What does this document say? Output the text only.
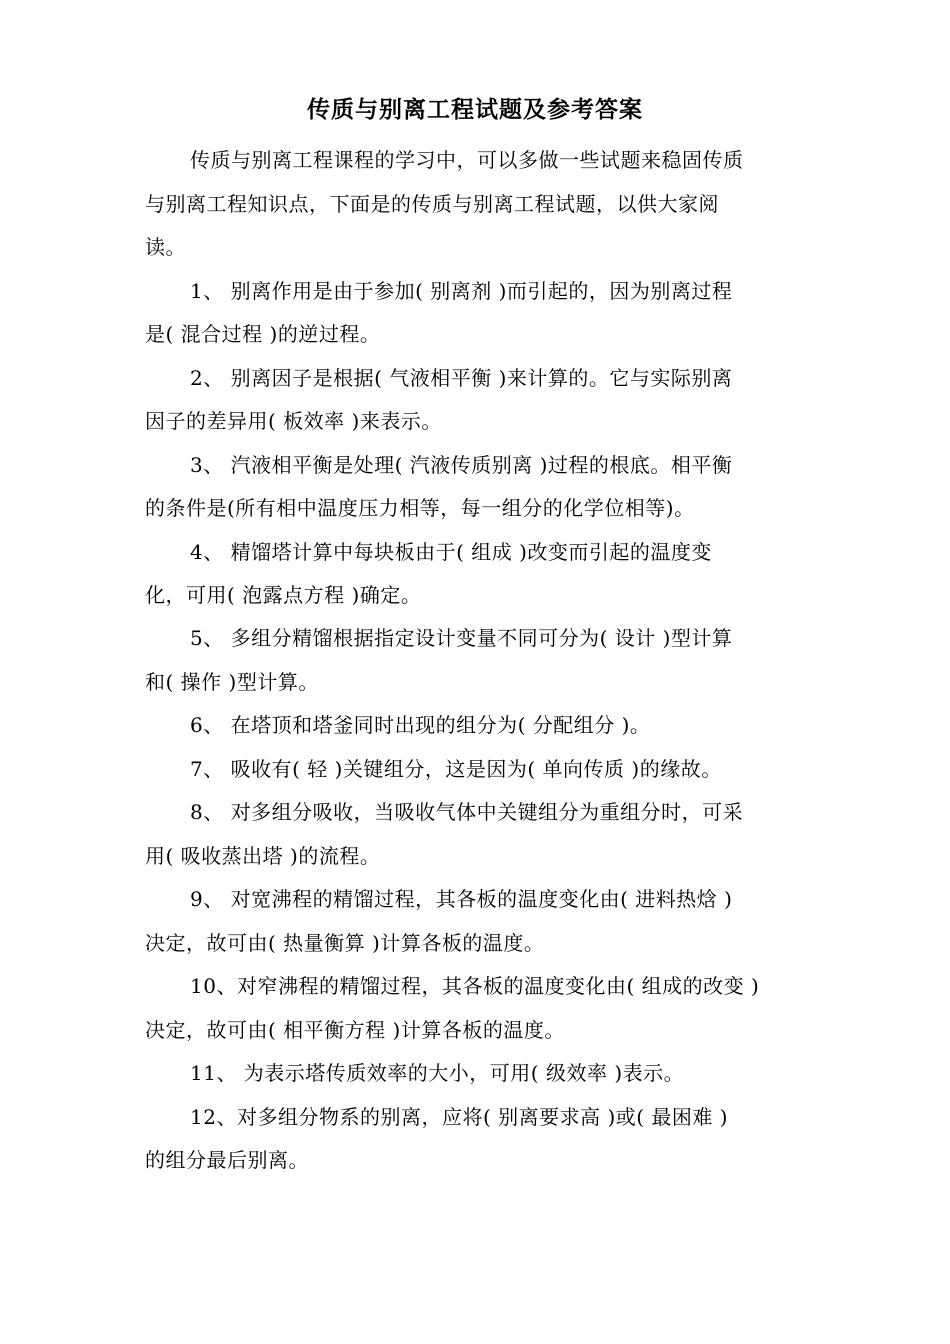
传质与别离工程试题及参考答案
传质与别离工程课程的学习中，可以多做一些试题来稳固传质
与别离工程知识点，下面是的传质与别离工程试题，以供大家阅
读。
1、 别离作用是由于参加( 别离剂 )而引起的，因为别离过程
是( 混合过程 )的逆过程。
2、 别离因子是根据( 气液相平衡 )来计算的。它与实际别离
因子的差异用( 板效率 )来表示。
3、 汽液相平衡是处理( 汽液传质别离 )过程的根底。相平衡
的条件是(所有相中温度压力相等，每一组分的化学位相等)。
4、 精馏塔计算中每块板由于( 组成 )改变而引起的温度变
化，可用( 泡露点方程 )确定。
5、 多组分精馏根据指定设计变量不同可分为( 设计 )型计算
和( 操作 )型计算。
6、 在塔顶和塔釜同时出现的组分为( 分配组分 )。
7、 吸收有( 轻 )关键组分，这是因为( 单向传质 )的缘故。
8、 对多组分吸收，当吸收气体中关键组分为重组分时，可采
用( 吸收蒸出塔 )的流程。
9、 对宽沸程的精馏过程，其各板的温度变化由( 进料热焓 )
决定，故可由( 热量衡算 )计算各板的温度。
10、对窄沸程的精馏过程，其各板的温度变化由( 组成的改变 )
决定，故可由( 相平衡方程 )计算各板的温度。
11、 为表示塔传质效率的大小，可用( 级效率 )表示。
12、对多组分物系的别离，应将( 别离要求高 )或( 最困难 )
的组分最后别离。
